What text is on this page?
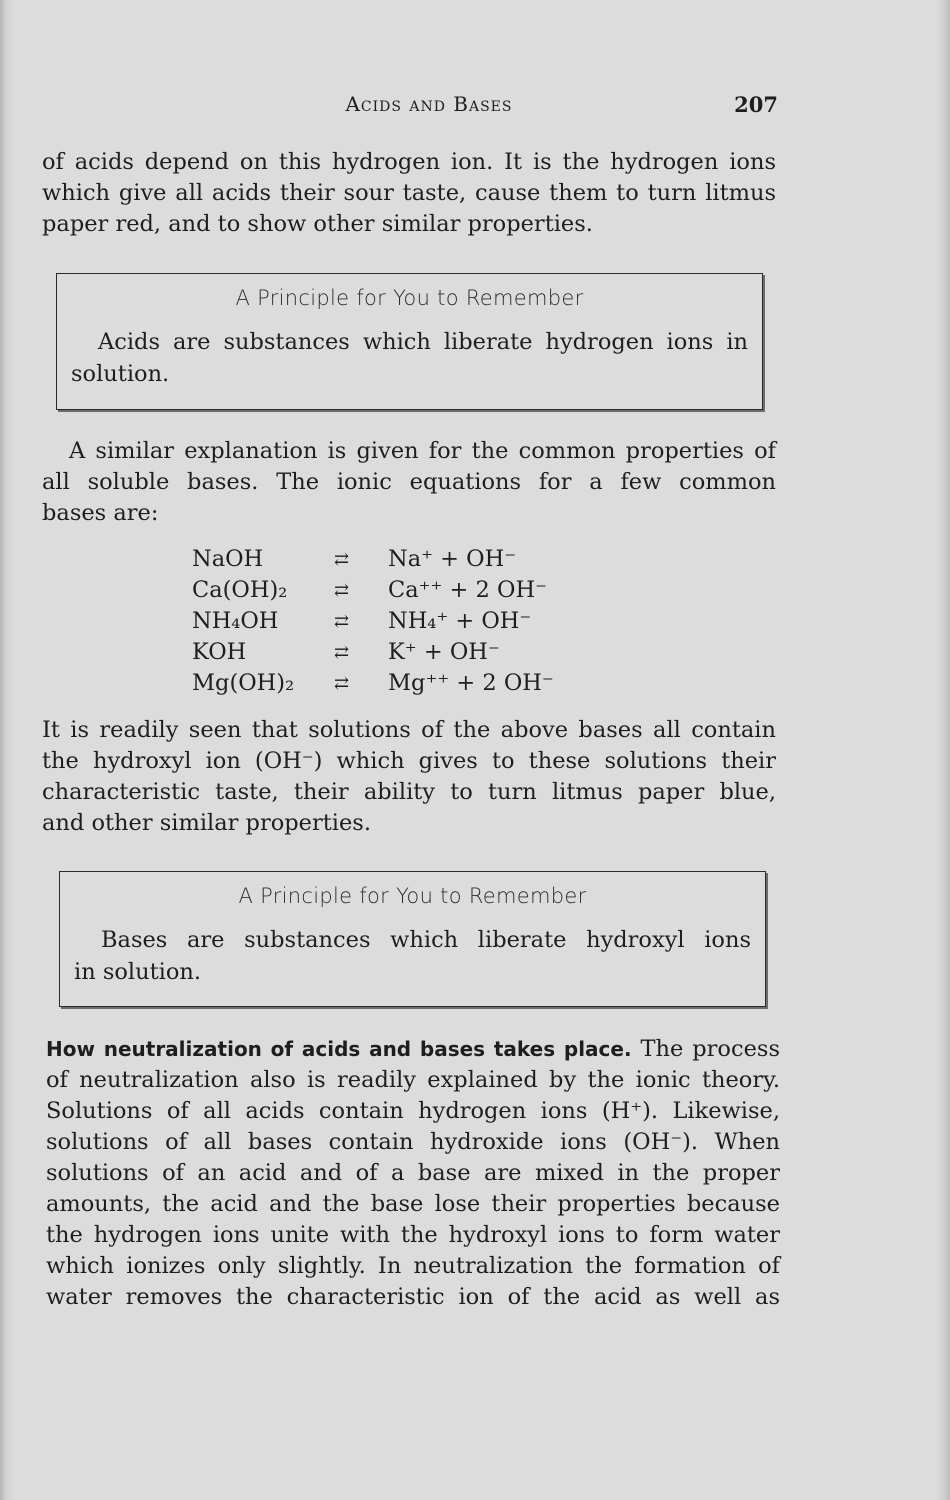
Acids and Bases	207
of acids depend on this hydrogen ion. It is the hydrogen ions
which give all acids their sour taste, cause them to turn litmus
paper red, and to show other similar properties.
A Principle for You to Remember
Acids are substances which liberate hydrogen ions in
solution.
A similar explanation is given for the common properties of
all soluble bases. The ionic equations for a few common
bases are:
NaOH	⇄ Na⁺ + OH⁻
Ca(OH)₂	⇄ Ca⁺⁺ + 2 OH⁻
NH₄OH	⇄ NH₄⁺ + OH⁻
KOH	⇄ K⁺ + OH⁻
Mg(OH)₂ ⇄ Mg⁺⁺ + 2 OH⁻
It is readily seen that solutions of the above bases all contain
the hydroxyl ion (OH⁻) which gives to these solutions their
characteristic taste, their ability to turn litmus paper blue,
and other similar properties.
A Principle for You to Remember
Bases are substances which liberate hydroxyl ions
in solution.
How neutralization of acids and bases takes place. The process
of neutralization also is readily explained by the ionic theory.
Solutions of all acids contain hydrogen ions (H⁺). Likewise,
solutions of all bases contain hydroxide ions (OH⁻). When
solutions of an acid and of a base are mixed in the proper
amounts, the acid and the base lose their properties because
the hydrogen ions unite with the hydroxyl ions to form water
which ionizes only slightly. In neutralization the formation of
water removes the characteristic ion of the acid as well as
